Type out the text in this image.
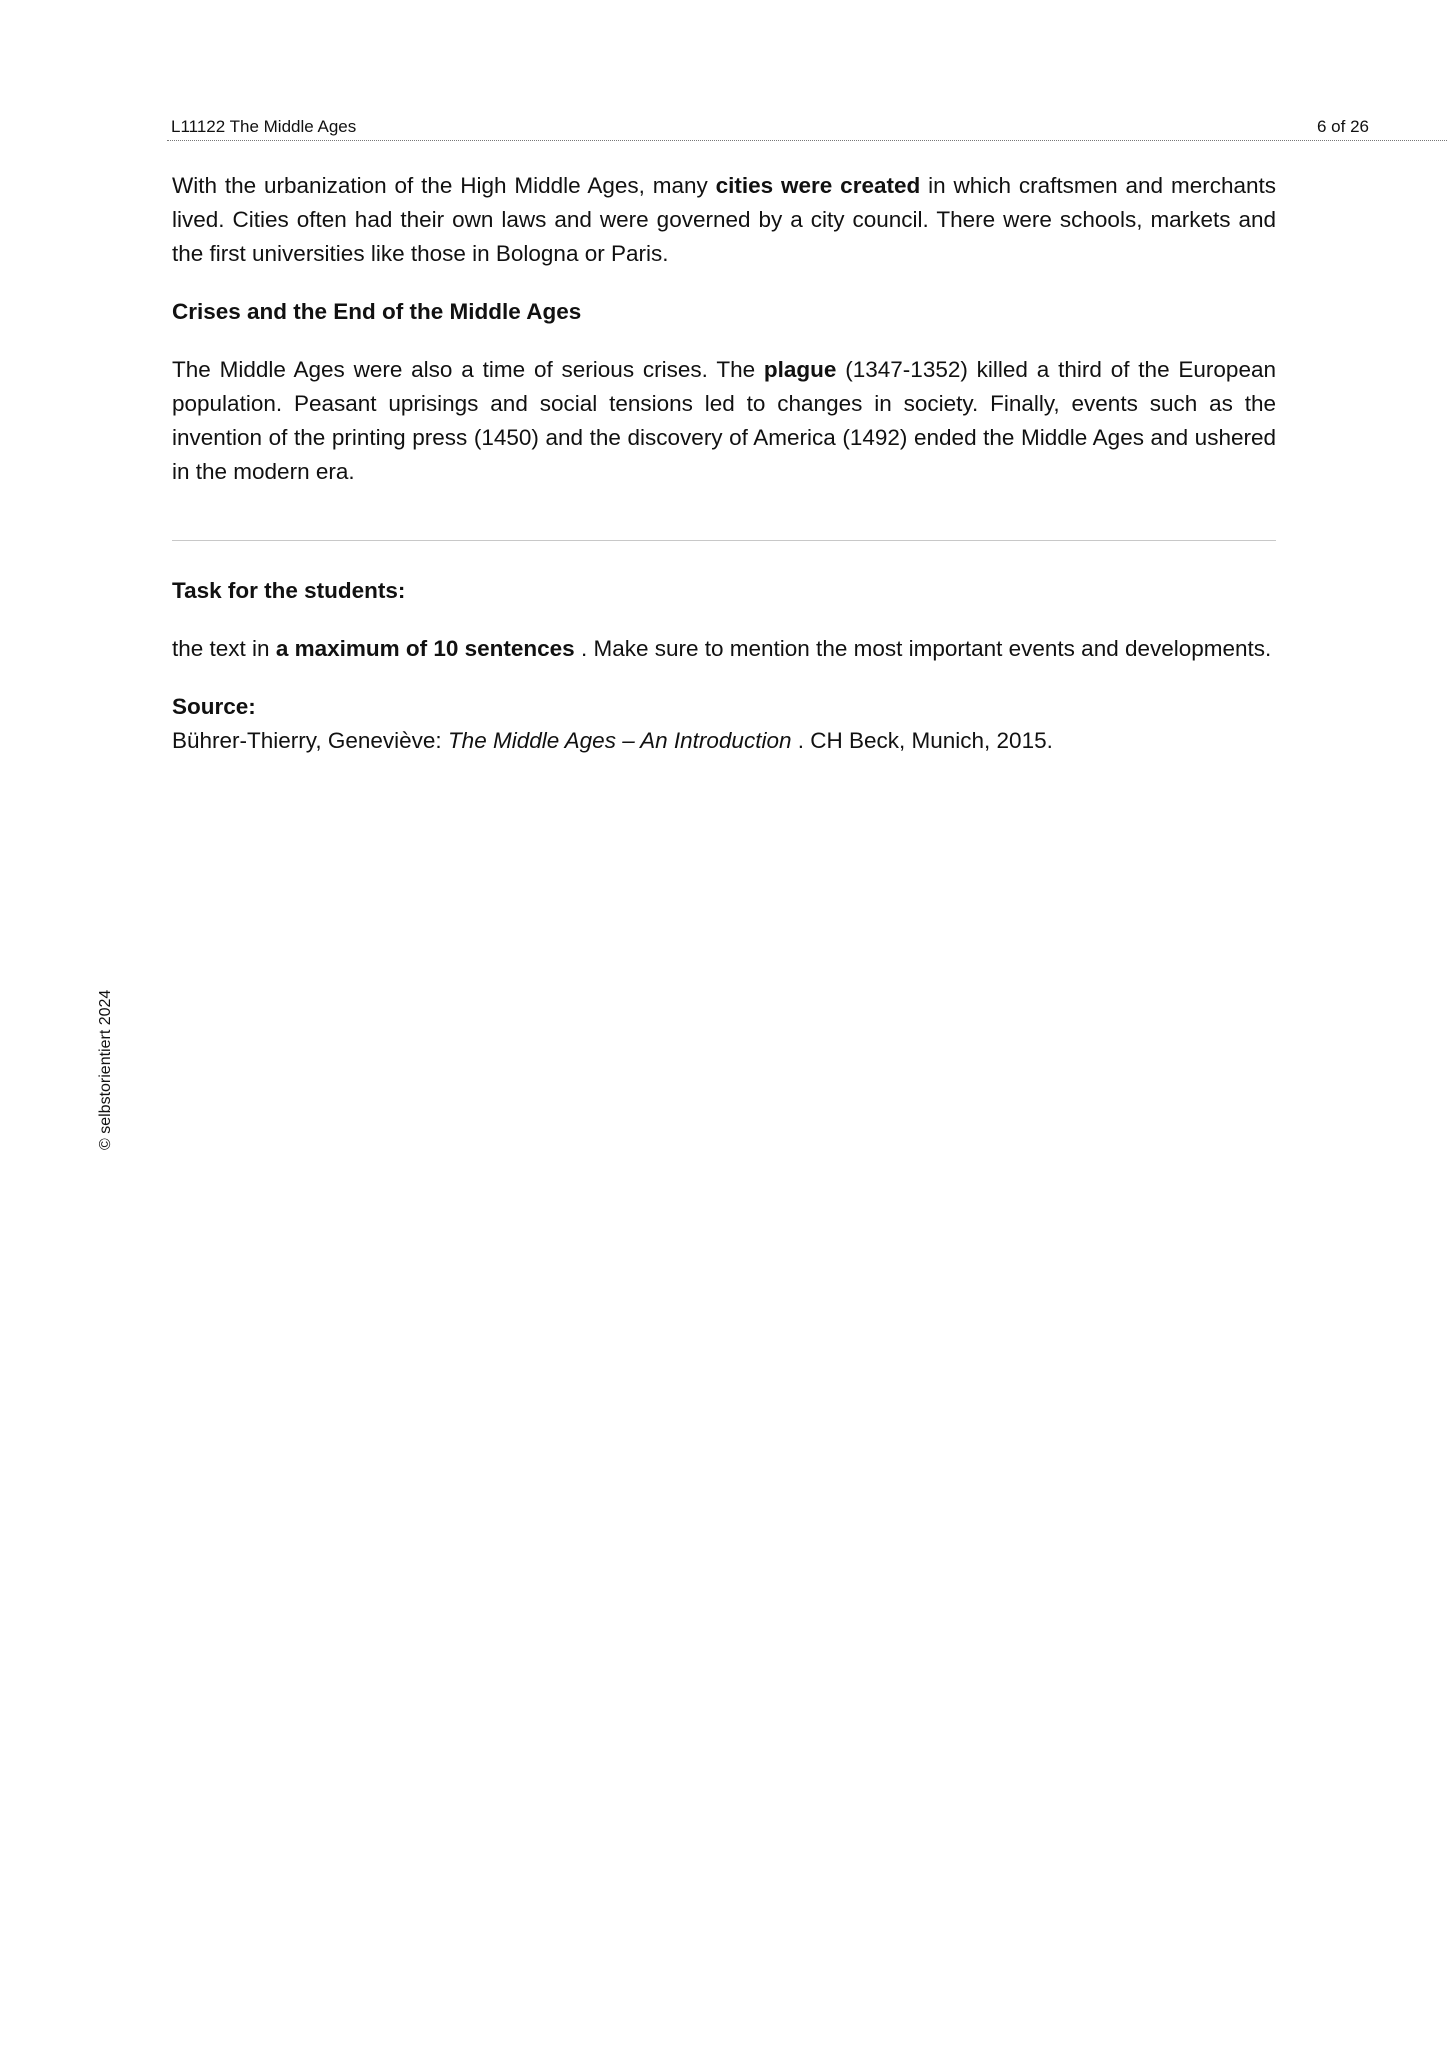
L11122 The Middle Ages	6 of 26

With the urbanization of the High Middle Ages, many cities were created in which craftsmen and merchants lived. Cities often had their own laws and were governed by a city council. There were schools, markets and the first universities like those in Bologna or Paris.

Crises and the End of the Middle Ages

The Middle Ages were also a time of serious crises. The plague (1347-1352) killed a third of the European population. Peasant uprisings and social tensions led to changes in society. Finally, events such as the invention of the printing press (1450) and the discovery of America (1492) ended the Middle Ages and ushered in the modern era.

Task for the students:

the text in a maximum of 10 sentences . Make sure to mention the most important events and developments.

Source:

Bührer-Thierry, Geneviève: The Middle Ages – An Introduction . CH Beck, Munich, 2015.

© selbstorientiert 2024
